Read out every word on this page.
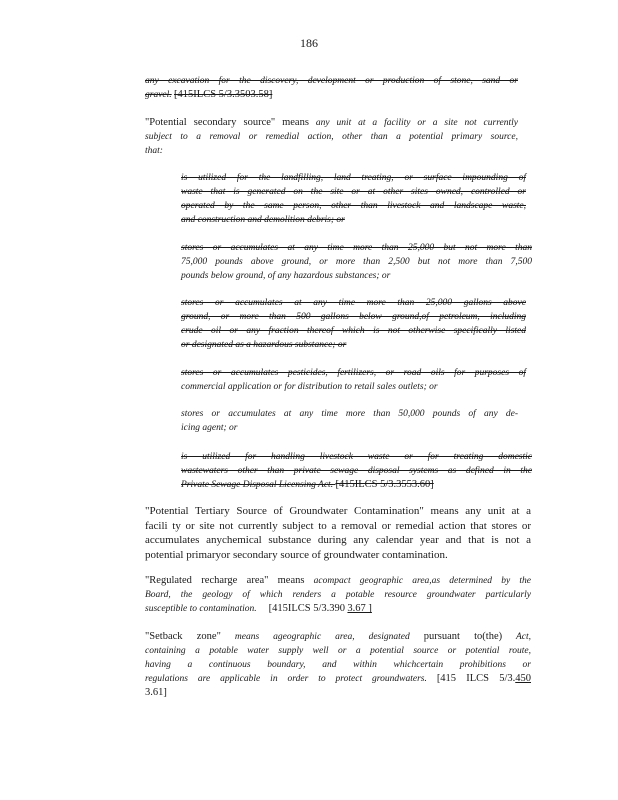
186
any excavation for the discovery, development or production of stone, sand or
gravel. [415ILCS 5/3.3503.58]
"Potential secondary source" means any unit at a facility or a site not currently
subject to a removal or remedial action, other than a potential primary source,
that:
is utilized for the landfilling, land treating, or surface impounding of
waste that is generated on the site or at other sites owned, controlled or
operated by the same person, other than livestock and landscape waste,
and construction and demolition debris; or
stores or accumulates at any time more than 25,000 but not more than
75,000 pounds above ground, or more than 2,500 but not more than 7,500
pounds below ground, of any hazardous substances; or
stores or accumulates at any time more than 25,000 gallons above
ground, or more than 500 gallons below ground,of petroleum, including
crude oil or any fraction thereof which is not otherwise specifically listed
or designated as a hazardous substance; or
stores or accumulates pesticides, fertilizers, or road oils for purposes of
commercial application or for distribution to retail sales outlets; or
stores or accumulates at any time more than 50,000 pounds of any de-
icing agent; or
is utilized for handling livestock waste or for treating domestic
wastewaters other than private sewage disposal systems as defined in the
Private Sewage Disposal Licensing Act. [415ILCS 5/3.3553.60]
"Potential Tertiary Source of Groundwater Contamination" means any unit at a
facili ty or site not currently subject to a removal or remedial action that stores or
accumulates anychemical substance during any calendar year and that is not a
potential primaryor secondary source of groundwater contamination.
"Regulated recharge area" means acompact geographic area,as determined by the
Board, the geology of which renders a potable resource groundwater particularly
susceptible to contamination. [415ILCS 5/3.390 3.67 ]
"Setback zone" means ageographic area, designated pursuant to(the) Act,
containing a potable water supply well or a potential source or potential route,
having a continuous boundary, and within whichcertain prohibitions or
regulations are applicable in order to protect groundwaters. [415 ILCS 5/3.450
3.61]
